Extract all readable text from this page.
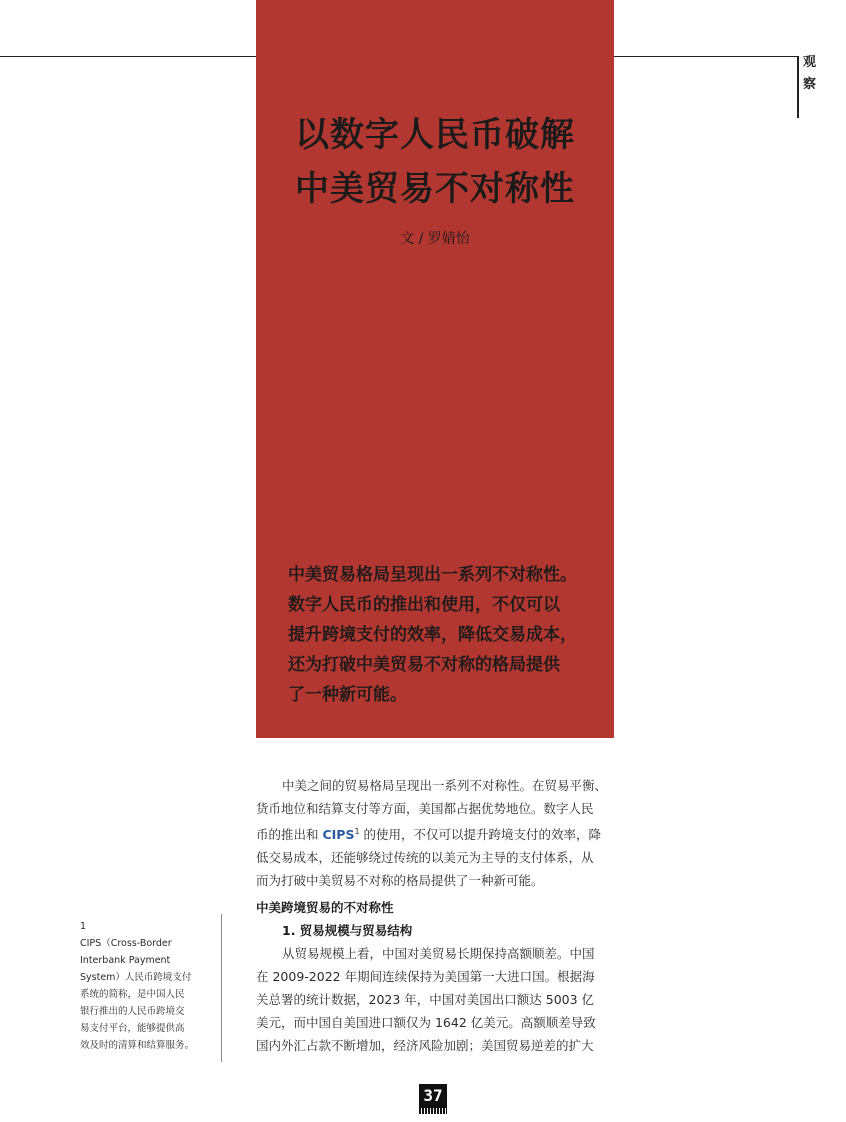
观
察
以数字人民币破解
中美贸易不对称性
文 / 罗婧怡
中美贸易格局呈现出一系列不对称性。
数字人民币的推出和使用，不仅可以
提升跨境支付的效率，降低交易成本，
还为打破中美贸易不对称的格局提供
了一种新可能。
中美之间的贸易格局呈现出一系列不对称性。在贸易平衡、
货币地位和结算支付等方面，美国都占据优势地位。数字人民
币的推出和 CIPS$^1$ 的使用，不仅可以提升跨境支付的效率，降
低交易成本，还能够绕过传统的以美元为主导的支付体系，从
而为打破中美贸易不对称的格局提供了一种新可能。
中美跨境贸易的不对称性
1. 贸易规模与贸易结构
从贸易规模上看，中国对美贸易长期保持高额顺差。中国
在 2009-2022 年期间连续保持为美国第一大进口国。根据海
关总署的统计数据，2023 年，中国对美国出口额达 5003 亿
美元，而中国自美国进口额仅为 1642 亿美元。高额顺差导致
国内外汇占款不断增加，经济风险加剧；美国贸易逆差的扩大
1
CIPS（Cross-Border
Interbank Payment
System）人民币跨境支付
系统的简称，是中国人民
银行推出的人民币跨境交
易支付平台，能够提供高
效及时的清算和结算服务。
37
